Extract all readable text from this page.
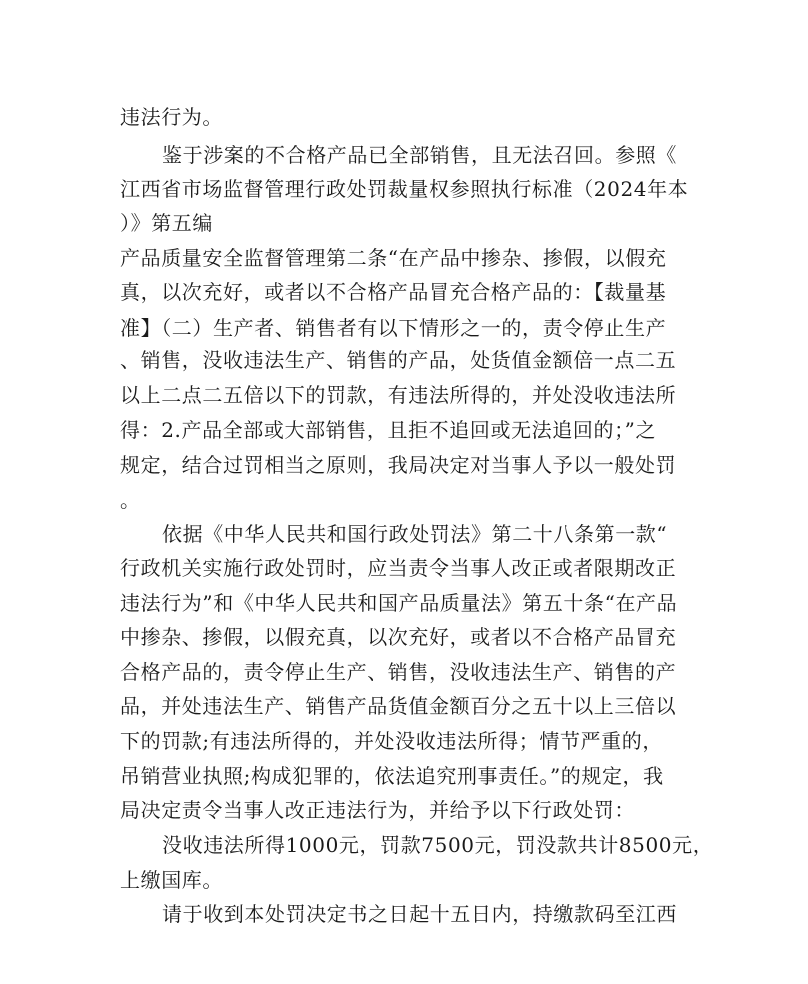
违法行为。
鉴于涉案的不合格产品已全部销售，且无法召回。参照《
江西省市场监督管理行政处罚裁量权参照执行标准（2024年本
）》第五编
产品质量安全监督管理第二条“在产品中掺杂、掺假，以假充
真，以次充好，或者以不合格产品冒充合格产品的：【裁量基
准】（二）生产者、销售者有以下情形之一的，责令停止生产
、销售，没收违法生产、销售的产品，处货值金额倍一点二五
以上二点二五倍以下的罚款，有违法所得的，并处没收违法所
得：2.产品全部或大部销售，且拒不追回或无法追回的；”之
规定，结合过罚相当之原则，我局决定对当事人予以一般处罚
。
依据《中华人民共和国行政处罚法》第二十八条第一款“
行政机关实施行政处罚时，应当责令当事人改正或者限期改正
违法行为”和《中华人民共和国产品质量法》第五十条“在产品
中掺杂、掺假，以假充真，以次充好，或者以不合格产品冒充
合格产品的，责令停止生产、销售，没收违法生产、销售的产
品，并处违法生产、销售产品货值金额百分之五十以上三倍以
下的罚款;有违法所得的，并处没收违法所得；情节严重的，
吊销营业执照;构成犯罪的，依法追究刑事责任。”的规定，我
局决定责令当事人改正违法行为，并给予以下行政处罚：
没收违法所得1000元，罚款7500元，罚没款共计8500元，
上缴国库。
请于收到本处罚决定书之日起十五日内，持缴款码至江西
